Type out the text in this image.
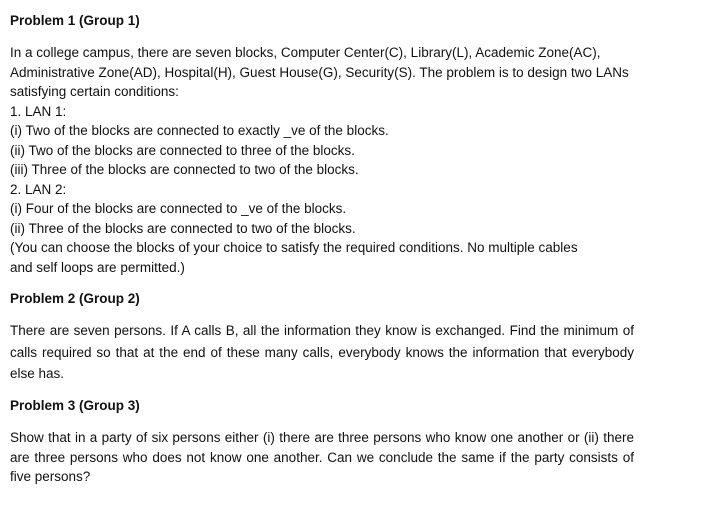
Problem 1 (Group 1)
In a college campus, there are seven blocks, Computer Center(C), Library(L), Academic Zone(AC), Administrative Zone(AD), Hospital(H), Guest House(G), Security(S). The problem is to design two LANs satisfying certain conditions:
1. LAN 1:
(i) Two of the blocks are connected to exactly _ve of the blocks.
(ii) Two of the blocks are connected to three of the blocks.
(iii) Three of the blocks are connected to two of the blocks.
2. LAN 2:
(i) Four of the blocks are connected to _ve of the blocks.
(ii) Three of the blocks are connected to two of the blocks.
(You can choose the blocks of your choice to satisfy the required conditions. No multiple cables and self loops are permitted.)
Problem 2 (Group 2)
There are seven persons. If A calls B, all the information they know is exchanged. Find the minimum of calls required so that at the end of these many calls, everybody knows the information that everybody else has.
Problem 3 (Group 3)
Show that in a party of six persons either (i) there are three persons who know one another or (ii) there are three persons who does not know one another. Can we conclude the same if the party consists of five persons?
